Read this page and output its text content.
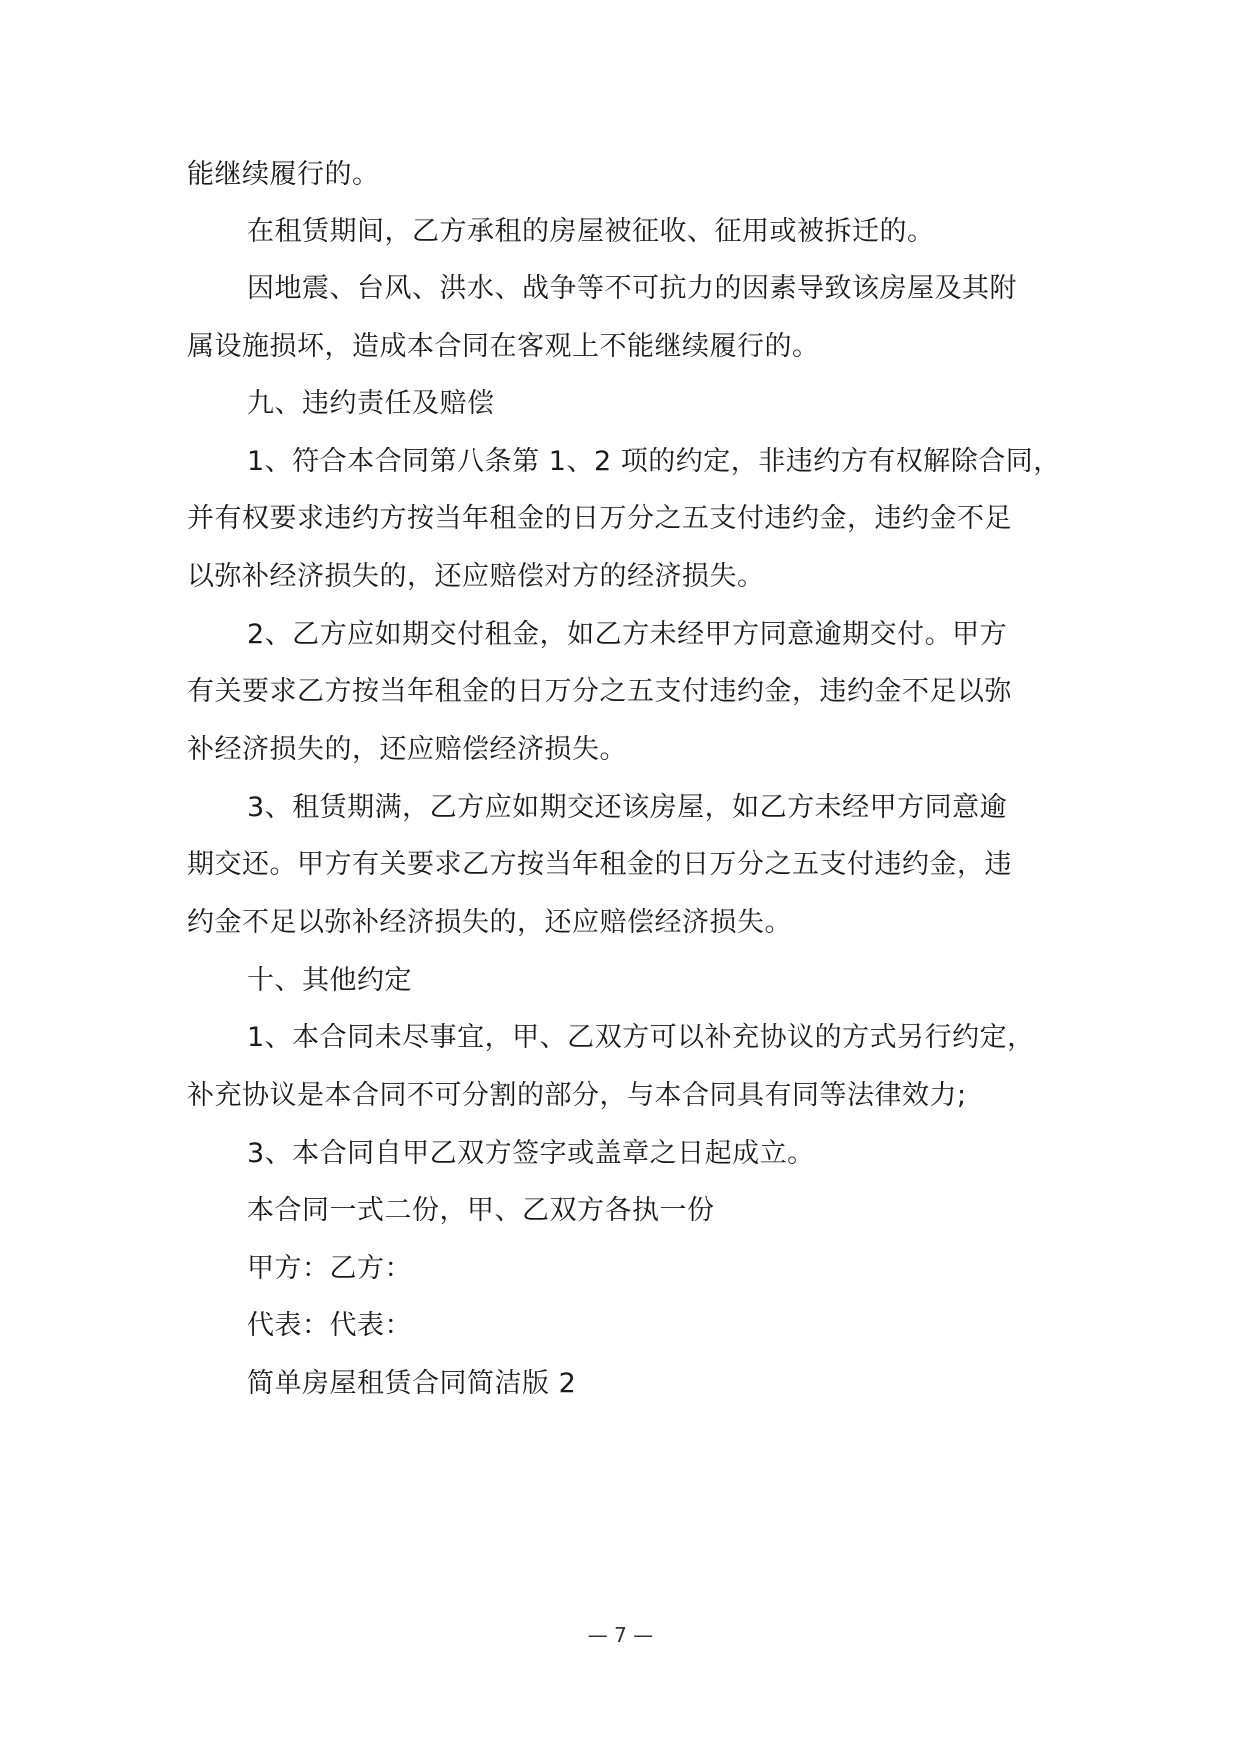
能继续履行的。
在租赁期间，乙方承租的房屋被征收、征用或被拆迁的。
因地震、台风、洪水、战争等不可抗力的因素导致该房屋及其附
属设施损坏，造成本合同在客观上不能继续履行的。
九、违约责任及赔偿
1、符合本合同第八条第 1、2 项的约定，非违约方有权解除合同，
并有权要求违约方按当年租金的日万分之五支付违约金，违约金不足
以弥补经济损失的，还应赔偿对方的经济损失。
2、乙方应如期交付租金，如乙方未经甲方同意逾期交付。甲方
有关要求乙方按当年租金的日万分之五支付违约金，违约金不足以弥
补经济损失的，还应赔偿经济损失。
3、租赁期满，乙方应如期交还该房屋，如乙方未经甲方同意逾
期交还。甲方有关要求乙方按当年租金的日万分之五支付违约金，违
约金不足以弥补经济损失的，还应赔偿经济损失。
十、其他约定
1、本合同未尽事宜，甲、乙双方可以补充协议的方式另行约定，
补充协议是本合同不可分割的部分，与本合同具有同等法律效力;
3、本合同自甲乙双方签字或盖章之日起成立。
本合同一式二份，甲、乙双方各执一份
甲方：乙方：
代表：代表：
简单房屋租赁合同简洁版 2
— 7 —
